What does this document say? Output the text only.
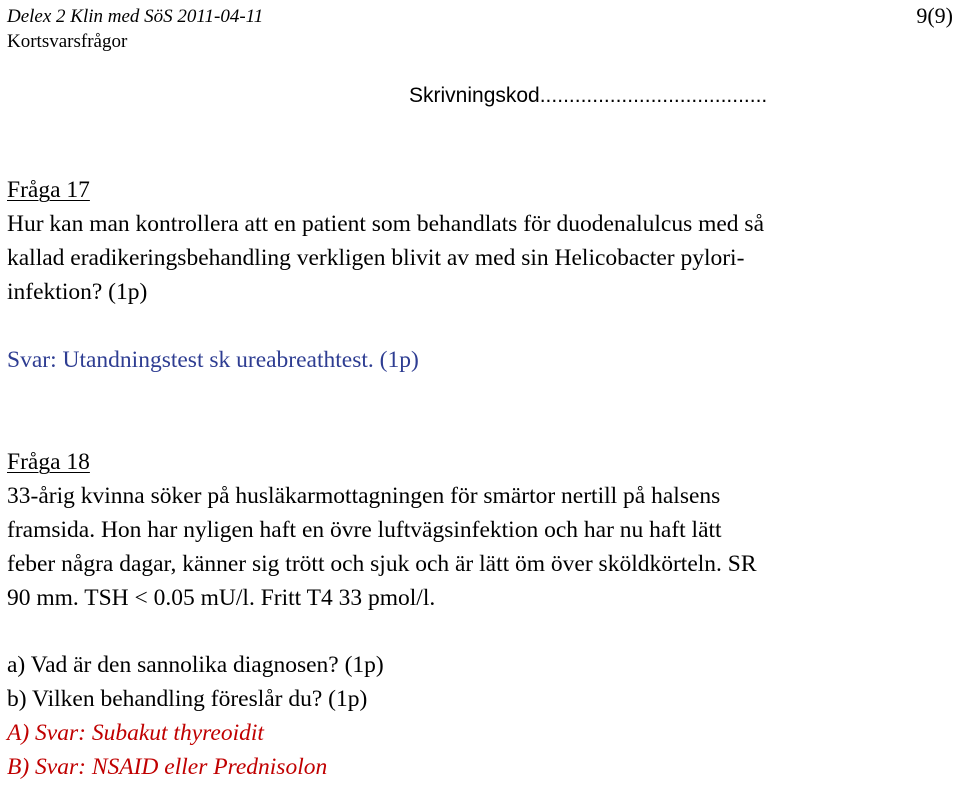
Delex 2 Klin med SöS 2011-04-11
Kortsvarsfrågor
9(9)
Skrivningskod.......................................
Fråga 17
Hur kan man kontrollera att en patient som behandlats för duodenalulcus med så
kallad eradikeringsbehandling verkligen blivit av med sin Helicobacter pylori-
infektion? (1p)
Svar: Utandningstest sk ureabreathtest. (1p)
Fråga 18
33-årig kvinna söker på husläkarmottagningen för smärtor nertill på halsens
framsida. Hon har nyligen haft en övre luftvägsinfektion och har nu haft lätt
feber några dagar, känner sig trött och sjuk och är lätt öm över sköldkörteln. SR
90 mm. TSH < 0.05 mU/l. Fritt T4 33 pmol/l.
a) Vad är den sannolika diagnosen? (1p)
b) Vilken behandling föreslår du? (1p)
A) Svar: Subakut thyreoidit
B) Svar: NSAID eller Prednisolon
